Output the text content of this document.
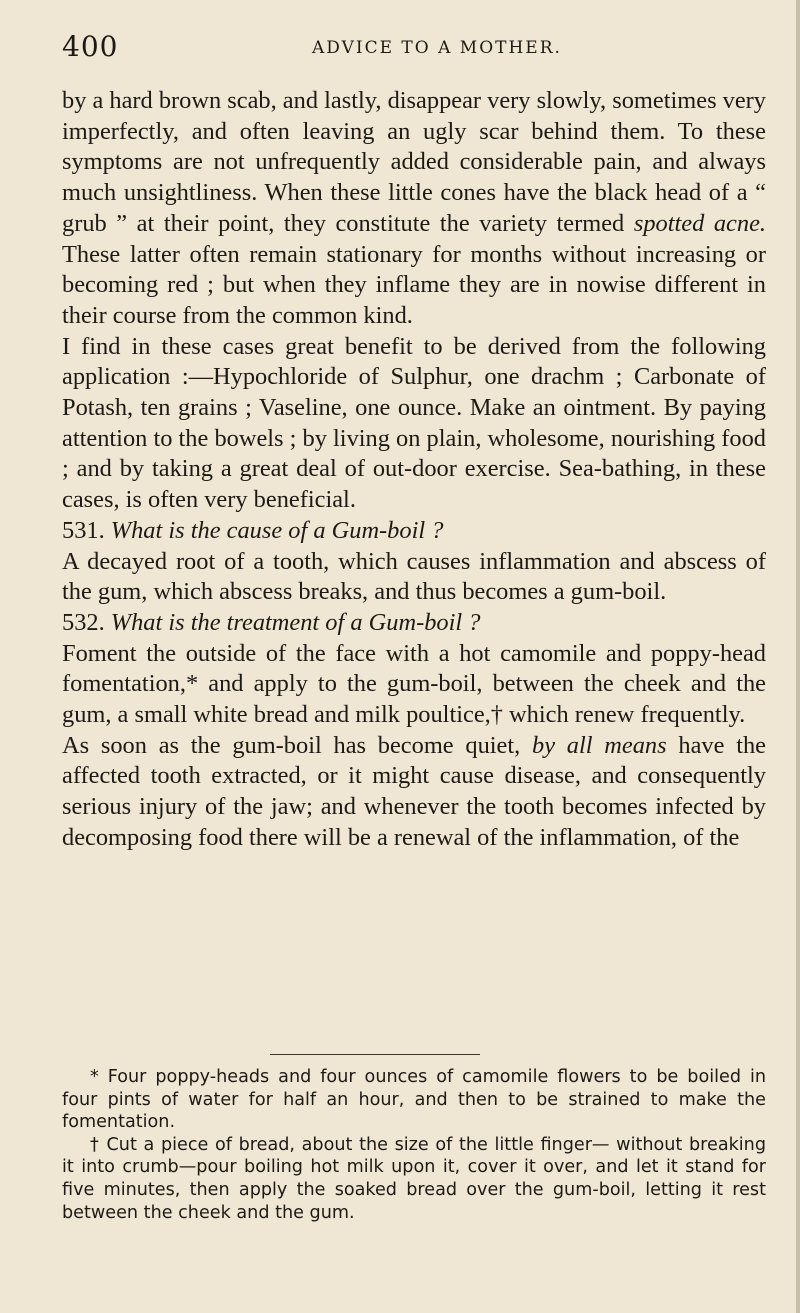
400	ADVICE TO A MOTHER.

by a hard brown scab, and lastly, disappear very slowly, sometimes very imperfectly, and often leaving an ugly scar behind them. To these symptoms are not unfrequently added considerable pain, and always much unsightliness. When these little cones have the black head of a “ grub ” at their point, they constitute the variety termed spotted acne. These latter often remain stationary for months without increasing or becoming red ; but when they inflame they are in nowise different in their course from the common kind.

I find in these cases great benefit to be derived from the following application :—Hypochloride of Sulphur, one drachm ; Carbonate of Potash, ten grains ; Vaseline, one ounce. Make an ointment. By paying attention to the bowels ; by living on plain, wholesome, nourishing food ; and by taking a great deal of out-door exercise. Sea-bathing, in these cases, is often very beneficial.

531. What is the cause of a Gum-boil ?

A decayed root of a tooth, which causes inflammation and abscess of the gum, which abscess breaks, and thus becomes a gum-boil.

532. What is the treatment of a Gum-boil ?

Foment the outside of the face with a hot camomile and poppy-head fomentation,* and apply to the gum-boil, between the cheek and the gum, a small white bread and milk poultice,† which renew frequently.

As soon as the gum-boil has become quiet, by all means have the affected tooth extracted, or it might cause disease, and consequently serious injury of the jaw; and whenever the tooth becomes infected by decomposing food there will be a renewal of the inflammation, of the

* Four poppy-heads and four ounces of camomile flowers to be boiled in four pints of water for half an hour, and then to be strained to make the fomentation.

† Cut a piece of bread, about the size of the little finger— without breaking it into crumb—pour boiling hot milk upon it, cover it over, and let it stand for five minutes, then apply the soaked bread over the gum-boil, letting it rest between the cheek and the gum.
